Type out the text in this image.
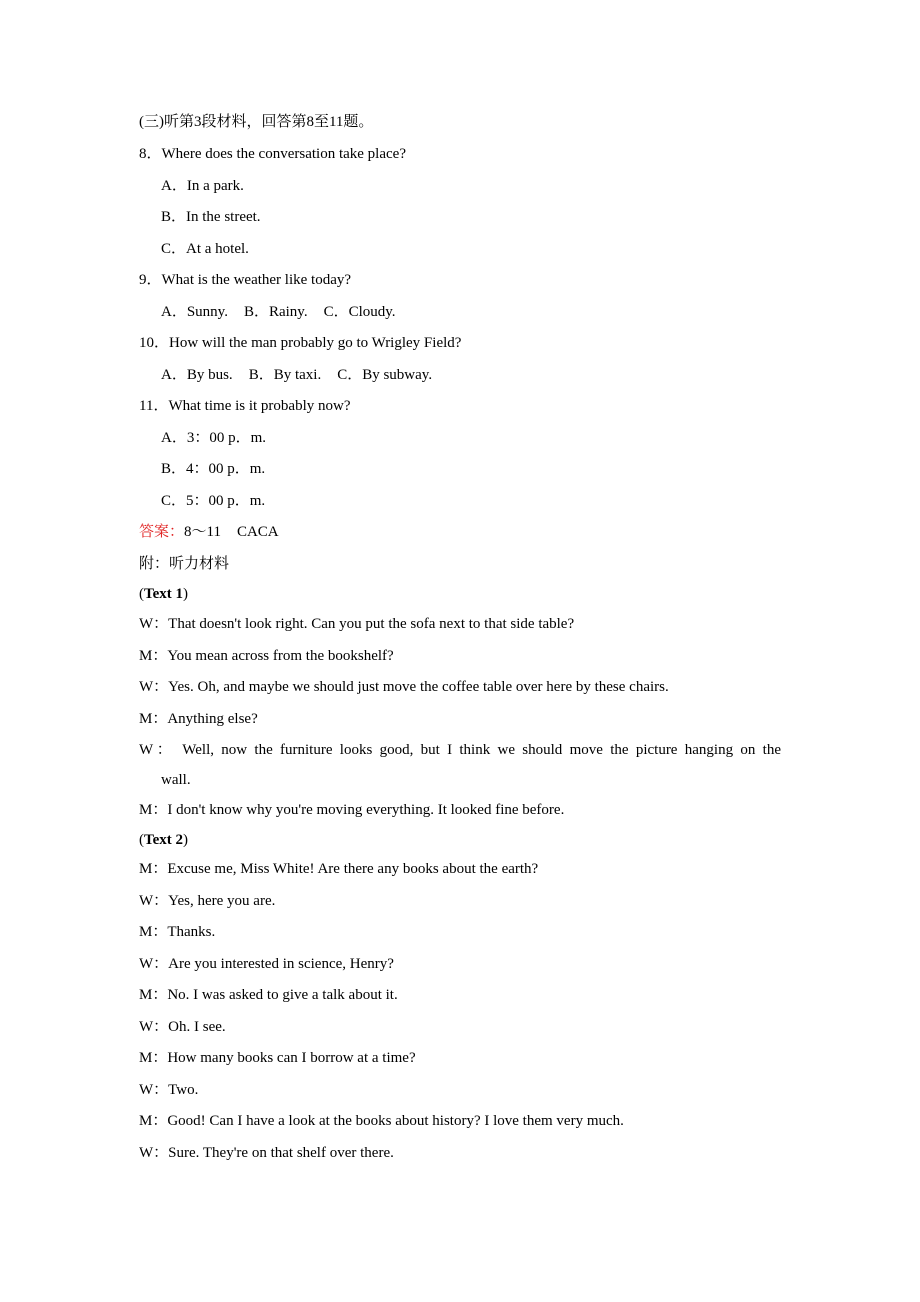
(三)听第3段材料，回答第8至11题。
8．Where does the conversation take place?
A．In a park.
B．In the street.
C．At a hotel.
9．What is the weather like today?
A．Sunny. B．Rainy. C．Cloudy.
10．How will the man probably go to Wrigley Field?
A．By bus. B．By taxi. C．By subway.
11．What time is it probably now?
A．3：00 p．m.
B．4：00 p．m.
C．5：00 p．m.
答案：8～11 CACA
附：听力材料
(Text 1)
W：That doesn't look right. Can you put the sofa next to that side table?
M：You mean across from the bookshelf?
W：Yes. Oh, and maybe we should just move the coffee table over here by these chairs.
M：Anything else?
W： Well, now the furniture looks good, but I think we should move the picture hanging on the
wall.
M：I don't know why you're moving everything. It looked fine before.
(Text 2)
M：Excuse me, Miss White! Are there any books about the earth?
W：Yes, here you are.
M：Thanks.
W：Are you interested in science, Henry?
M：No. I was asked to give a talk about it.
W：Oh. I see.
M：How many books can I borrow at a time?
W：Two.
M：Good! Can I have a look at the books about history? I love them very much.
W：Sure. They're on that shelf over there.
